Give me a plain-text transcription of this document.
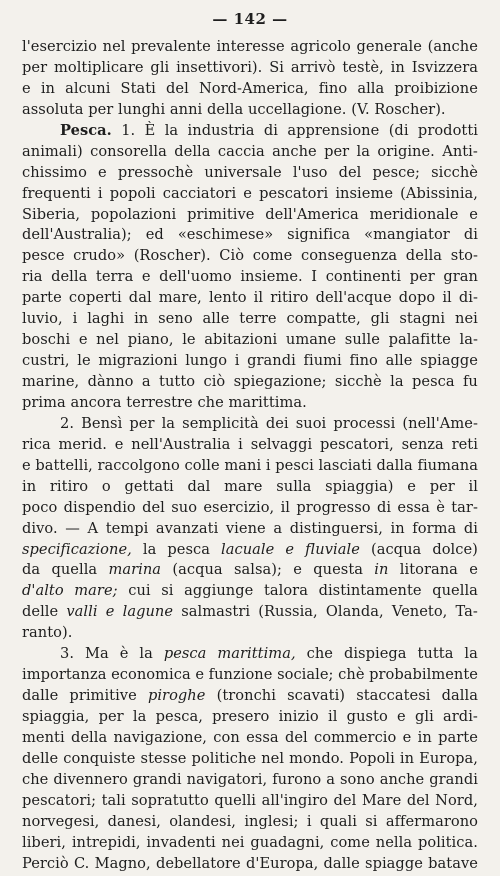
— 142 —
l'esercizio nel prevalente interesse agricolo generale (anche
per moltiplicare gli insettivori). Si arrivò testè, in Isvizzera
e in alcuni Stati del Nord-America, fino alla proibizione
assoluta
per
lunghi
anni
della
uccellagione.
(V.
Roscher).
Pesca. 1. È la industria di apprensione (di prodotti
animali) consorella della caccia anche per la origine. Anti-
chissimo e pressochè universale l'uso del pesce; sicchè
frequenti i popoli cacciatori e pescatori insieme (Abissinia,
Siberia, popolazioni primitive dell'America meridionale e
dell'Australia); ed «eschimese» significa «mangiator di
pesce crudo» (Roscher). Ciò come conseguenza della sto-
ria della terra e dell'uomo insieme. I continenti per gran
parte coperti dal mare, lento il ritiro dell'acque dopo il di-
luvio, i laghi in seno alle terre compatte, gli stagni nei
boschi e nel piano, le abitazioni umane sulle palafitte la-
custri, le migrazioni lungo i grandi fiumi fino alle spiagge
marine, dànno a tutto ciò spiegazione; sicchè la pesca fu
prima
ancora
terrestre
che
marittima.
2. Bensì per la semplicità dei suoi processi (nell'Ame-
rica merid. e nell'Australia i selvaggi pescatori, senza reti
e battelli, raccolgono colle mani i pesci lasciati dalla fiumana
in ritiro o gettati dal mare sulla spiaggia) e per il
poco dispendio del suo esercizio, il progresso di essa è tar-
divo. — A tempi avanzati viene a distinguersi, in forma di
specificazione, la pesca lacuale e fluviale (acqua dolce)
da quella marina (acqua salsa); e questa in litorana e
d'alto mare; cui si aggiunge talora distintamente quella
delle valli e lagune salmastri (Russia, Olanda, Veneto, Ta-
ranto).
3. Ma è la pesca marittima, che dispiega tutta la
importanza economica e funzione sociale; chè probabilmente
dalle primitive piroghe (tronchi scavati) staccatesi dalla
spiaggia, per la pesca, presero inizio il gusto e gli ardi-
menti della navigazione, con essa del commercio e in parte
delle conquiste stesse politiche nel mondo. Popoli in Europa,
che divennero grandi navigatori, furono a sono anche grandi
pescatori; tali sopratutto quelli all'ingiro del Mare del Nord,
norvegesi, danesi, olandesi, inglesi; i quali si affermarono
liberi, intrepidi, invadenti nei guadagni, come nella politica.
Perciò C. Magno, debellatore d'Europa, dalle spiagge batave
